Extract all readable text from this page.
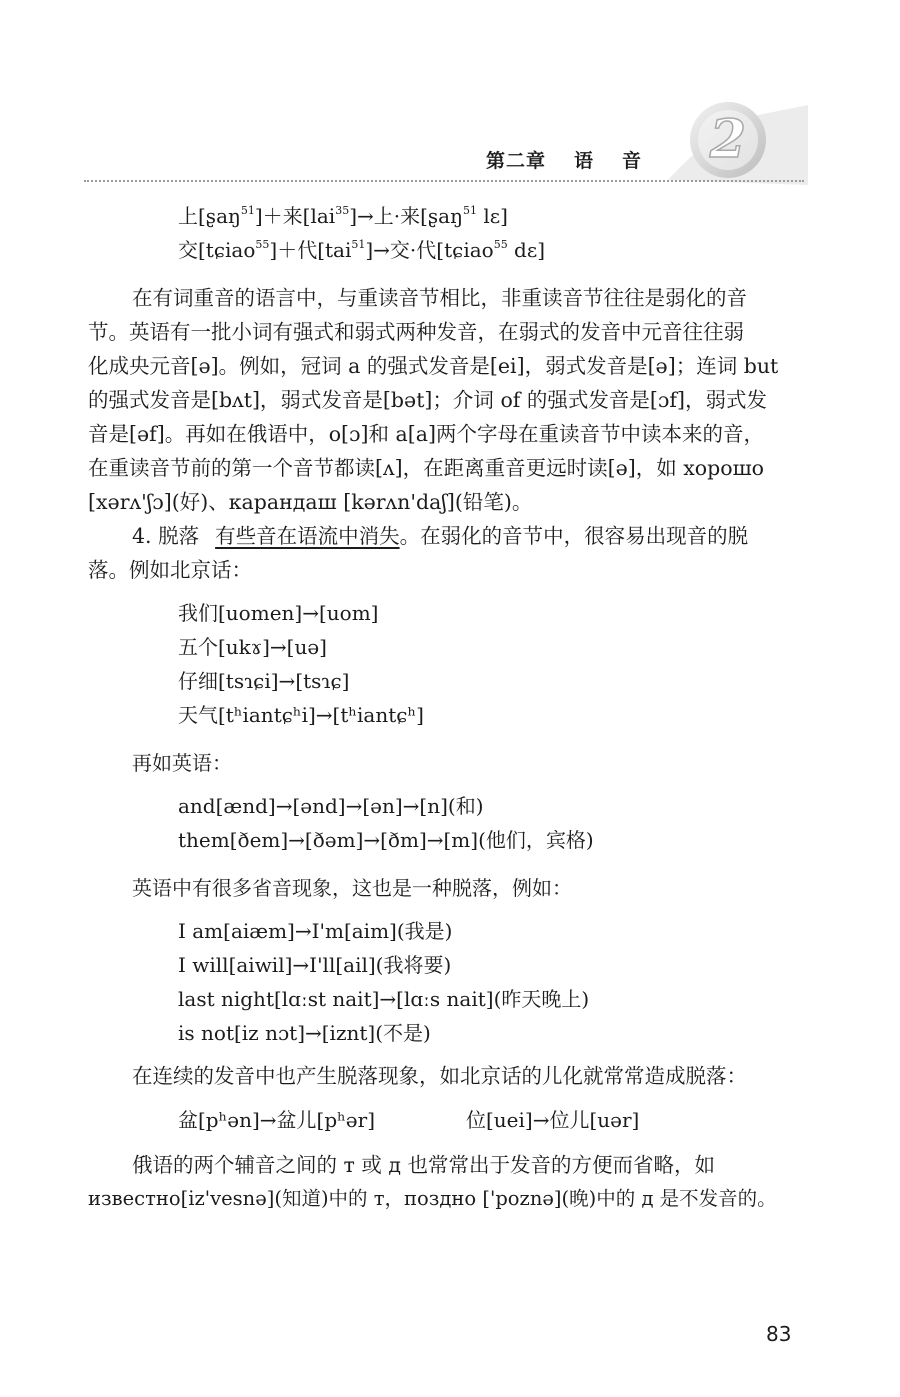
2
第二章 语 音
上[ʂaŋ$^{51}$]＋来[lai$^{35}$]→上·来[ʂaŋ$^{51}$ lɛ]
交[tɕiao$^{55}$]＋代[tai$^{51}$]→交·代[tɕiao$^{55}$ dɛ]
在有词重音的语言中，与重读音节相比，非重读音节往往是弱化的音
节。英语有一批小词有强式和弱式两种发音，在弱式的发音中元音往往弱
化成央元音[ə]。例如，冠词 a 的强式发音是[ei]，弱式发音是[ə]；连词 but
的强式发音是[bʌt]，弱式发音是[bət]；介词 of 的强式发音是[ɔf]，弱式发
音是[əf]。再如在俄语中，o[ɔ]和 a[a]两个字母在重读音节中读本来的音，
在重读音节前的第一个音节都读[ʌ]，在距离重音更远时读[ə]，如 хорошо
[xərʌ'ʃɔ](好)、карандаш [kərʌn'daʃ](铅笔)。
4. 脱落 有些音在语流中消失。在弱化的音节中，很容易出现音的脱
落。例如北京话：
我们[uomen]→[uom]
五个[ukɤ]→[uə]
仔细[tsɿɕi]→[tsɿɕ]
天气[tʰiantɕʰi]→[tʰiantɕʰ]
再如英语：
and[ænd]→[ənd]→[ən]→[n](和)
them[ðem]→[ðəm]→[ðm]→[m](他们，宾格)
英语中有很多省音现象，这也是一种脱落，例如：
I am[aiæm]→I'm[aim](我是)
I will[aiwil]→I'll[ail](我将要)
last night[lɑːst nait]→[lɑːs nait](昨天晚上)
is not[iz nɔt]→[iznt](不是)
在连续的发音中也产生脱落现象，如北京话的儿化就常常造成脱落：
盆[pʰən]→盆儿[pʰər]	位[uei]→位儿[uər]
俄语的两个辅音之间的 т 或 д 也常常出于发音的方便而省略，如
известно[iz'vesnə](知道)中的 т，поздно ['poznə](晚)中的 д 是不发音的。
83
